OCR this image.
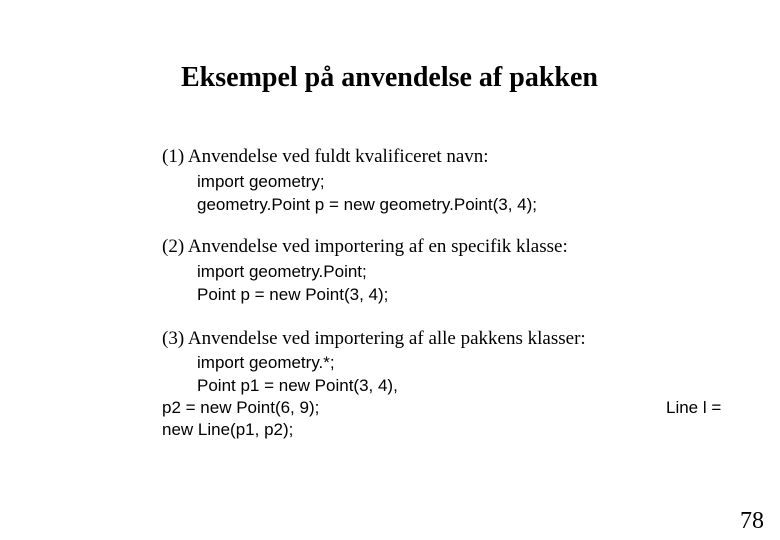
Eksempel på anvendelse af pakken
(1) Anvendelse ved fuldt kvalificeret navn:
import geometry;
geometry.Point p = new geometry.Point(3, 4);
(2) Anvendelse ved importering af en specifik klasse:
import geometry.Point;
Point p = new Point(3, 4);
(3) Anvendelse ved importering af alle pakkens klasser:
import geometry.*;
Point p1 = new Point(3, 4),
p2 = new Point(6, 9);
new Line(p1, p2);
Line l =
78
